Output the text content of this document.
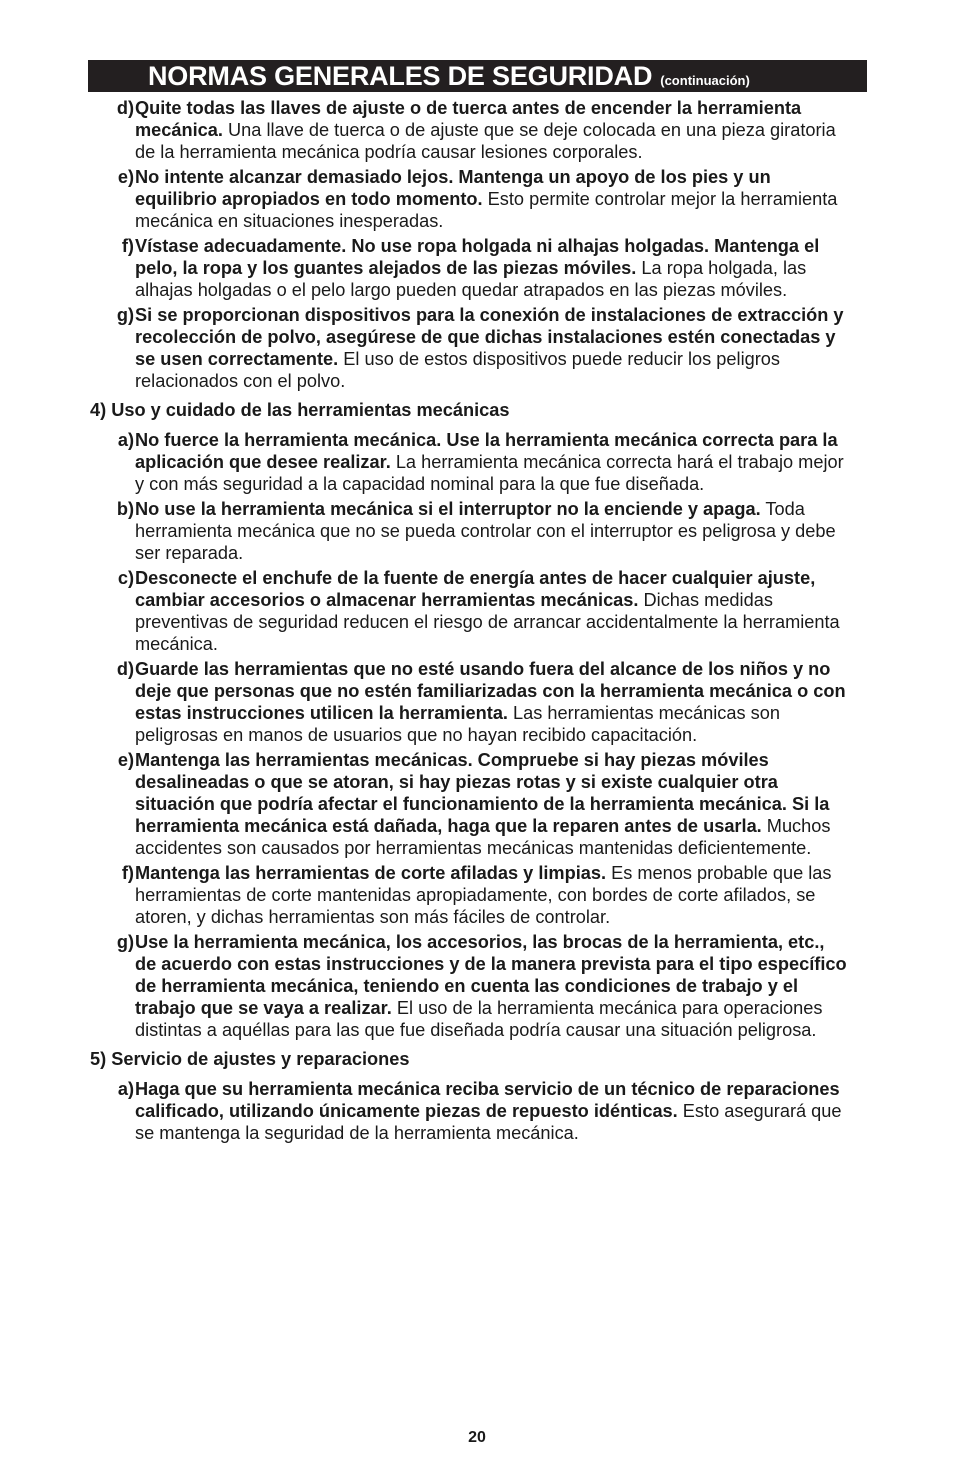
NORMAS GENERALES DE SEGURIDAD (continuación)
d) Quite todas las llaves de ajuste o de tuerca antes de encender la herramienta mecánica. Una llave de tuerca o de ajuste que se deje colocada en una pieza giratoria de la herramienta mecánica podría causar lesiones corporales.
e) No intente alcanzar demasiado lejos. Mantenga un apoyo de los pies y un equilibrio apropiados en todo momento. Esto permite controlar mejor la herramienta mecánica en situaciones inesperadas.
f) Vístase adecuadamente. No use ropa holgada ni alhajas holgadas. Mantenga el pelo, la ropa y los guantes alejados de las piezas móviles. La ropa holgada, las alhajas holgadas o el pelo largo pueden quedar atrapados en las piezas móviles.
g) Si se proporcionan dispositivos para la conexión de instalaciones de extracción y recolección de polvo, asegúrese de que dichas instalaciones estén conectadas y se usen correctamente. El uso de estos dispositivos puede reducir los peligros relacionados con el polvo.
4) Uso y cuidado de las herramientas mecánicas
a) No fuerce la herramienta mecánica. Use la herramienta mecánica correcta para la aplicación que desee realizar. La herramienta mecánica correcta hará el trabajo mejor y con más seguridad a la capacidad nominal para la que fue diseñada.
b) No use la herramienta mecánica si el interruptor no la enciende y apaga. Toda herramienta mecánica que no se pueda controlar con el interruptor es peligrosa y debe ser reparada.
c) Desconecte el enchufe de la fuente de energía antes de hacer cualquier ajuste, cambiar accesorios o almacenar herramientas mecánicas. Dichas medidas preventivas de seguridad reducen el riesgo de arrancar accidentalmente la herramienta mecánica.
d) Guarde las herramientas que no esté usando fuera del alcance de los niños y no deje que personas que no estén familiarizadas con la herramienta mecánica o con estas instrucciones utilicen la herramienta. Las herramientas mecánicas son peligrosas en manos de usuarios que no hayan recibido capacitación.
e) Mantenga las herramientas mecánicas. Compruebe si hay piezas móviles desalineadas o que se atoran, si hay piezas rotas y si existe cualquier otra situación que podría afectar el funcionamiento de la herramienta mecánica. Si la herramienta mecánica está dañada, haga que la reparen antes de usarla. Muchos accidentes son causados por herramientas mecánicas mantenidas deficientemente.
f) Mantenga las herramientas de corte afiladas y limpias. Es menos probable que las herramientas de corte mantenidas apropiadamente, con bordes de corte afilados, se atoren, y dichas herramientas son más fáciles de controlar.
g) Use la herramienta mecánica, los accesorios, las brocas de la herramienta, etc., de acuerdo con estas instrucciones y de la manera prevista para el tipo específico de herramienta mecánica, teniendo en cuenta las condiciones de trabajo y el trabajo que se vaya a realizar. El uso de la herramienta mecánica para operaciones distintas a aquéllas para las que fue diseñada podría causar una situación peligrosa.
5) Servicio de ajustes y reparaciones
a) Haga que su herramienta mecánica reciba servicio de un técnico de reparaciones calificado, utilizando únicamente piezas de repuesto idénticas. Esto asegurará que se mantenga la seguridad de la herramienta mecánica.
20
